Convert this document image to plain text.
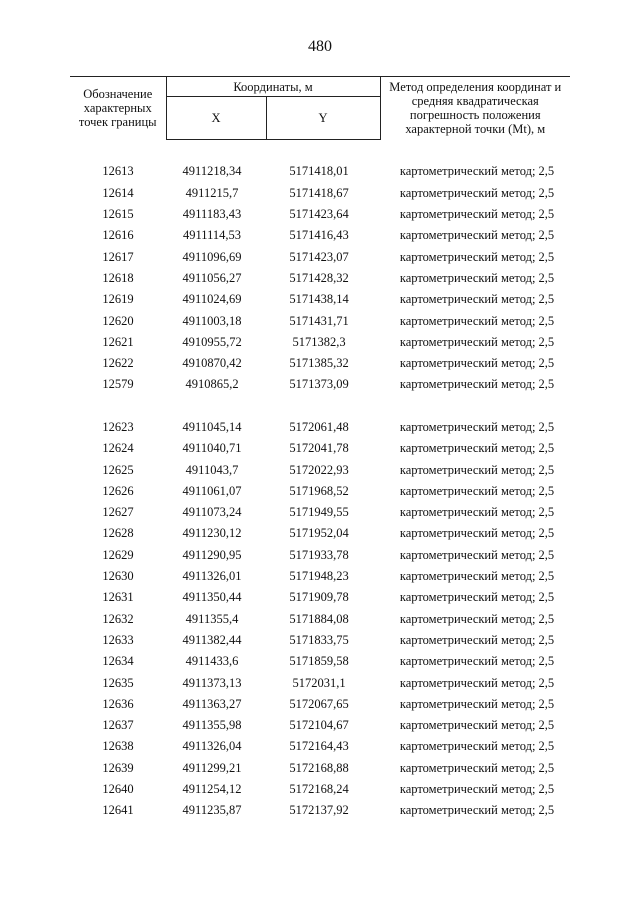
480
Обозначение характерных точек границы	Координаты, м		Метод определения координат и средняя квадратическая погрешность положения характерной точки (Mt), м
	X	Y	

12613	4911218,34	5171418,01	картометрический метод; 2,5
12614	4911215,7	5171418,67	картометрический метод; 2,5
12615	4911183,43	5171423,64	картометрический метод; 2,5
12616	4911114,53	5171416,43	картометрический метод; 2,5
12617	4911096,69	5171423,07	картометрический метод; 2,5
12618	4911056,27	5171428,32	картометрический метод; 2,5
12619	4911024,69	5171438,14	картометрический метод; 2,5
12620	4911003,18	5171431,71	картометрический метод; 2,5
12621	4910955,72	5171382,3	картометрический метод; 2,5
12622	4910870,42	5171385,32	картометрический метод; 2,5
12579	4910865,2	5171373,09	картометрический метод; 2,5

12623	4911045,14	5172061,48	картометрический метод; 2,5
12624	4911040,71	5172041,78	картометрический метод; 2,5
12625	4911043,7	5172022,93	картометрический метод; 2,5
12626	4911061,07	5171968,52	картометрический метод; 2,5
12627	4911073,24	5171949,55	картометрический метод; 2,5
12628	4911230,12	5171952,04	картометрический метод; 2,5
12629	4911290,95	5171933,78	картометрический метод; 2,5
12630	4911326,01	5171948,23	картометрический метод; 2,5
12631	4911350,44	5171909,78	картометрический метод; 2,5
12632	4911355,4	5171884,08	картометрический метод; 2,5
12633	4911382,44	5171833,75	картометрический метод; 2,5
12634	4911433,6	5171859,58	картометрический метод; 2,5
12635	4911373,13	5172031,1	картометрический метод; 2,5
12636	4911363,27	5172067,65	картометрический метод; 2,5
12637	4911355,98	5172104,67	картометрический метод; 2,5
12638	4911326,04	5172164,43	картометрический метод; 2,5
12639	4911299,21	5172168,88	картометрический метод; 2,5
12640	4911254,12	5172168,24	картометрический метод; 2,5
12641	4911235,87	5172137,92	картометрический метод; 2,5
